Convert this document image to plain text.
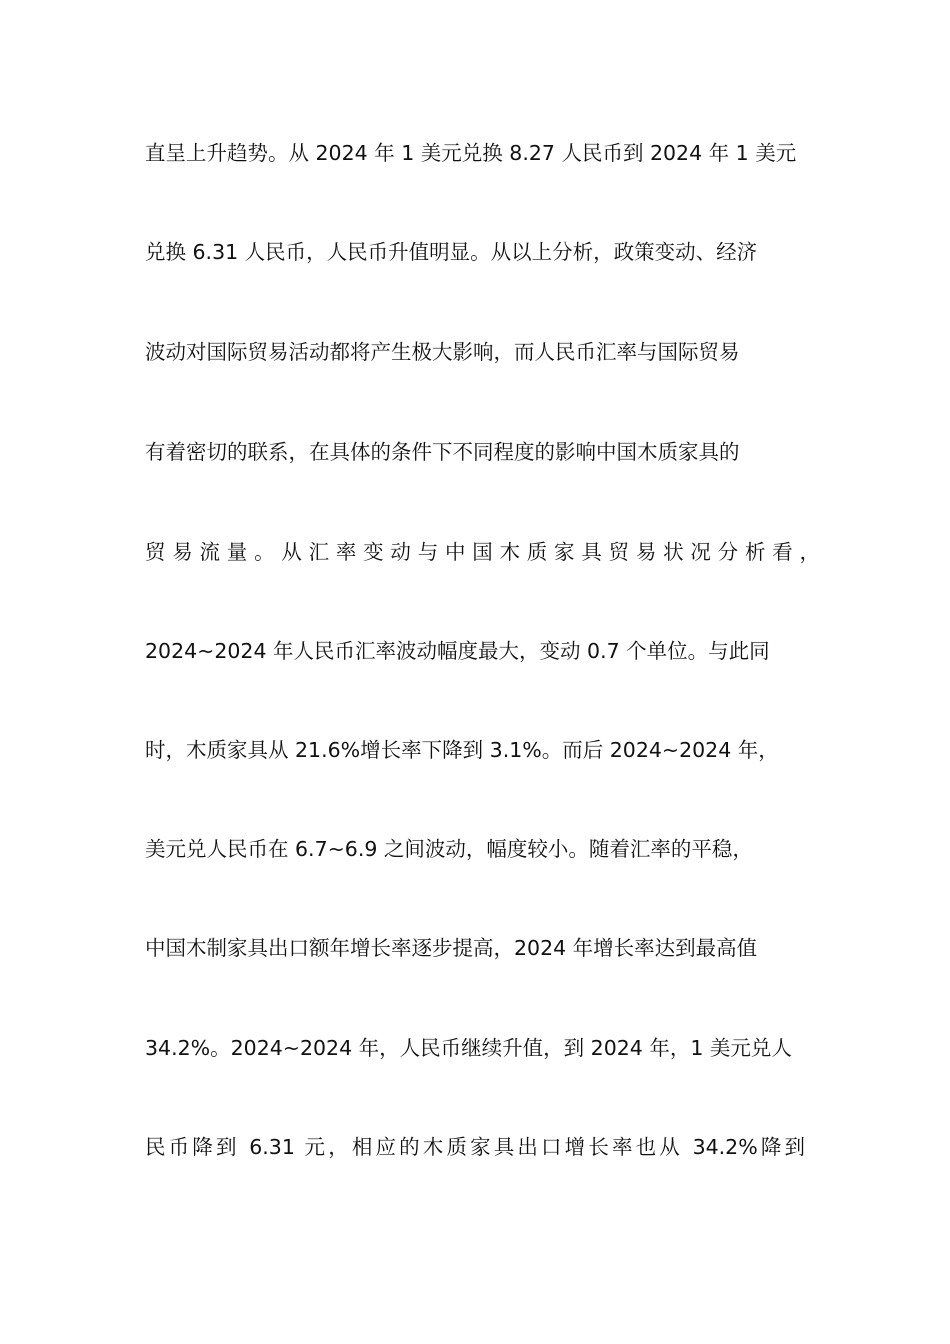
直呈上升趋势。从 2024 年 1 美元兑换 8.27 人民币到 2024 年 1 美元
兑换 6.31 人民币，人民币升值明显。从以上分析，政策变动、经济
波动对国际贸易活动都将产生极大影响，而人民币汇率与国际贸易
有着密切的联系，在具体的条件下不同程度的影响中国木质家具的
贸易流量。从汇率变动与中国木质家具贸易状况分析看，
2024~2024 年人民币汇率波动幅度最大，变动 0.7 个单位。与此同
时，木质家具从 21.6%增长率下降到 3.1%。而后 2024~2024 年，
美元兑人民币在 6.7~6.9 之间波动，幅度较小。随着汇率的平稳，
中国木制家具出口额年增长率逐步提高，2024 年增长率达到最高值
34.2%。2024~2024 年，人民币继续升值，到 2024 年，1 美元兑人
民币降到 6.31 元，相应的木质家具出口增长率也从 34.2%降到
